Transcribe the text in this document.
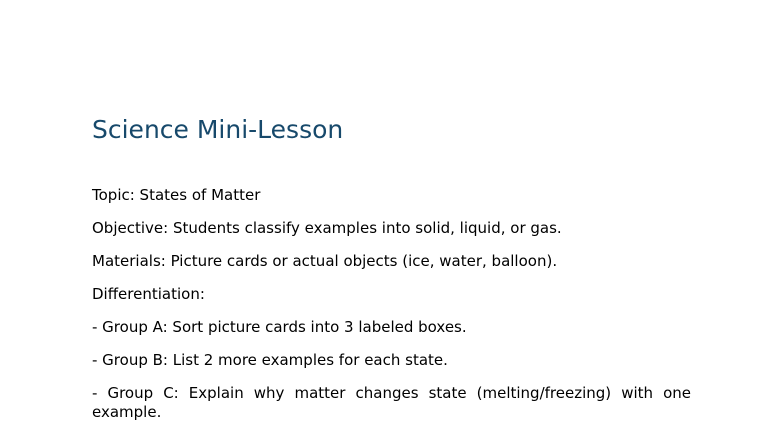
Science Mini-Lesson

Topic: States of Matter

Objective: Students classify examples into solid, liquid, or gas.

Materials: Picture cards or actual objects (ice, water, balloon).

Differentiation:

- Group A: Sort picture cards into 3 labeled boxes.

- Group B: List 2 more examples for each state.

- Group C: Explain why matter changes state (melting/freezing) with one example.
